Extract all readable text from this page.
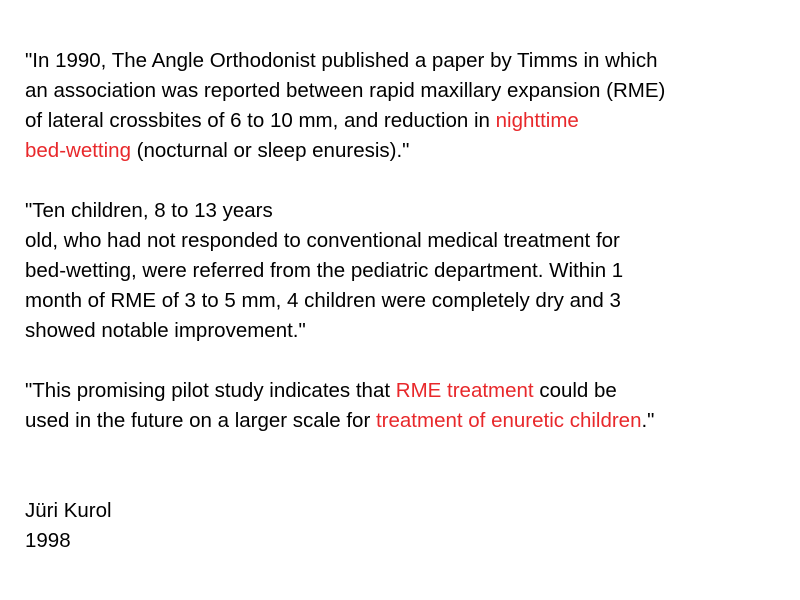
"In 1990, The Angle Orthodonist published a paper by Timms in which
an association was reported between rapid maxillary expansion (RME)
of lateral crossbites of 6 to 10 mm, and reduction in nighttime
bed-wetting (nocturnal or sleep enuresis)."
"Ten children, 8 to 13 years
old, who had not responded to conventional medical treatment for
bed-wetting, were referred from the pediatric department. Within 1
month of RME of 3 to 5 mm, 4 children were completely dry and 3
showed notable improvement."
"This promising pilot study indicates that RME treatment could be
used in the future on a larger scale for treatment of enuretic children."
Jüri Kurol
1998
